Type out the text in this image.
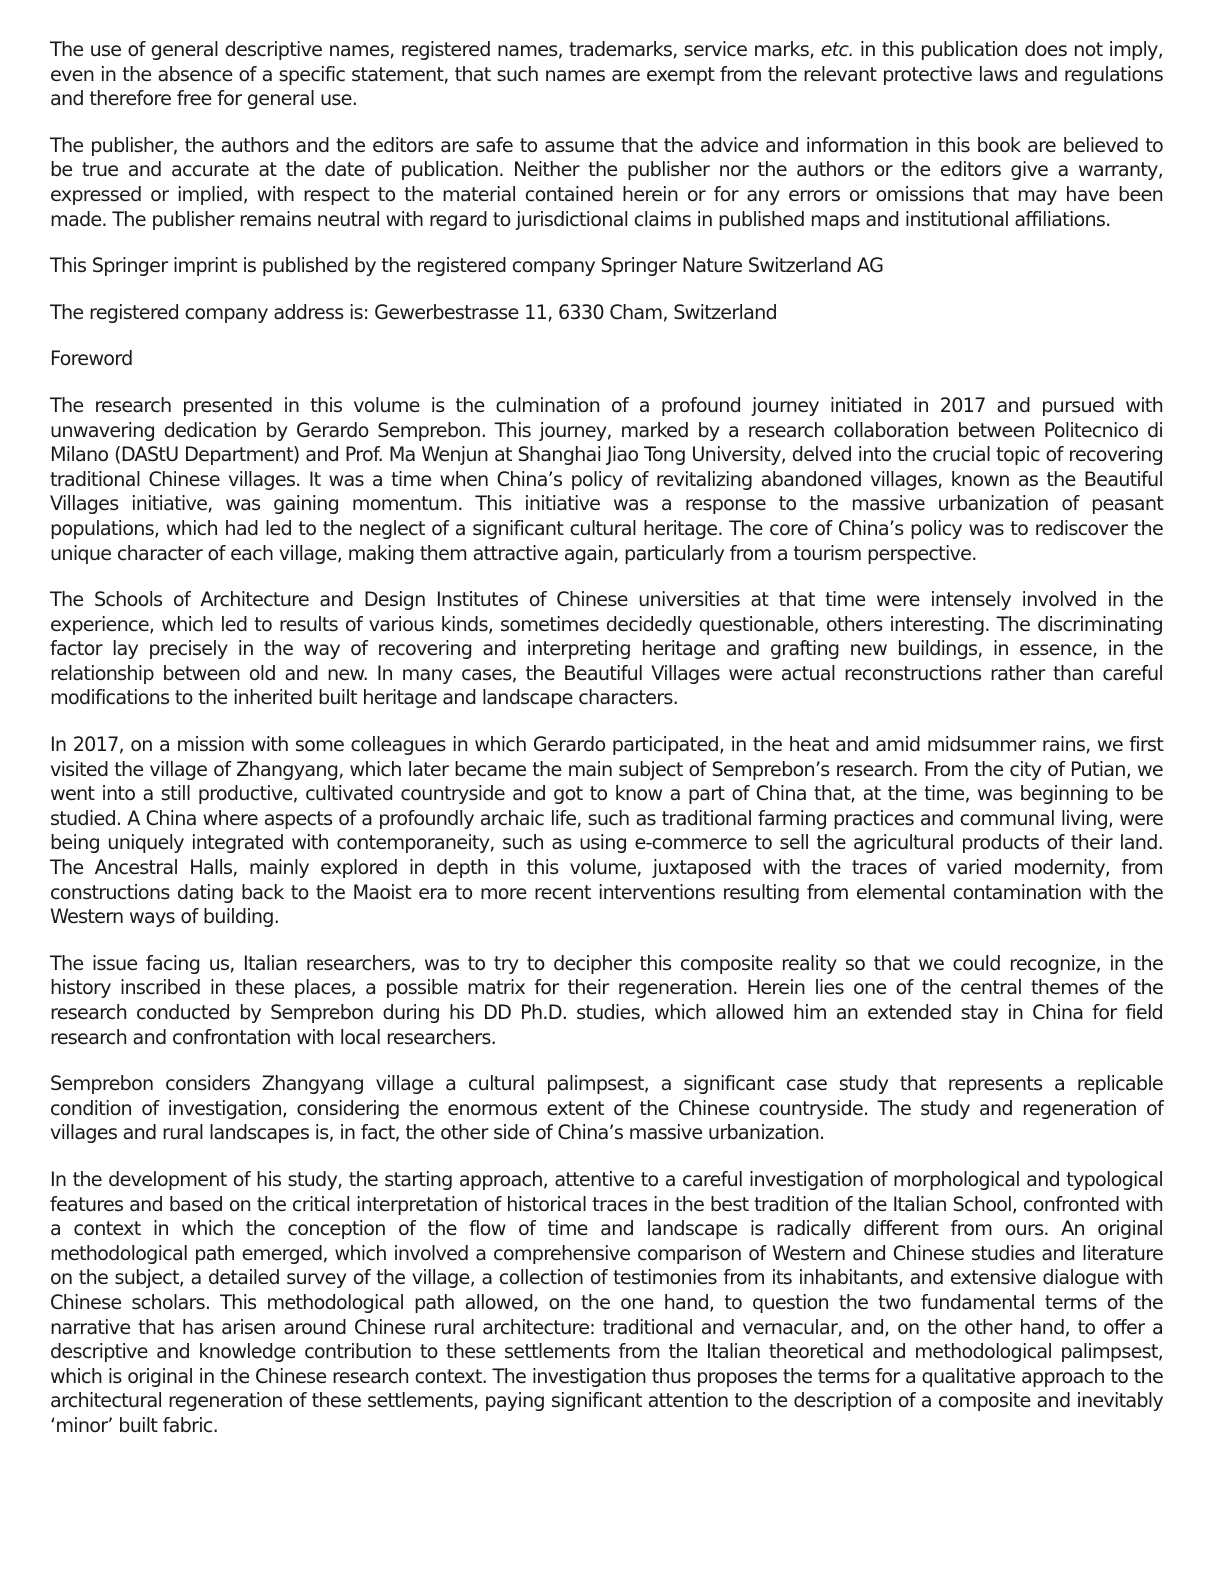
The use of general descriptive names, registered names, trademarks, service marks, etc. in this publication does not imply, even in the absence of a specific statement, that such names are exempt from the relevant protective laws and regulations and therefore free for general use.

The publisher, the authors and the editors are safe to assume that the advice and information in this book are believed to be true and accurate at the date of publication. Neither the publisher nor the authors or the editors give a warranty, expressed or implied, with respect to the material contained herein or for any errors or omissions that may have been made. The publisher remains neutral with regard to jurisdictional claims in published maps and institutional affiliations.

This Springer imprint is published by the registered company Springer Nature Switzerland AG

The registered company address is: Gewerbestrasse 11, 6330 Cham, Switzerland

Foreword

The research presented in this volume is the culmination of a profound journey initiated in 2017 and pursued with unwavering dedication by Gerardo Semprebon. This journey, marked by a research collaboration between Politecnico di Milano (DAStU Department) and Prof. Ma Wenjun at Shanghai Jiao Tong University, delved into the crucial topic of recovering traditional Chinese villages. It was a time when China’s policy of revitalizing abandoned villages, known as the Beautiful Villages initiative, was gaining momentum. This initiative was a response to the massive urbanization of peasant populations, which had led to the neglect of a significant cultural heritage. The core of China’s policy was to rediscover the unique character of each village, making them attractive again, particularly from a tourism perspective.

The Schools of Architecture and Design Institutes of Chinese universities at that time were intensely involved in the experience, which led to results of various kinds, sometimes decidedly questionable, others interesting. The discriminating factor lay precisely in the way of recovering and interpreting heritage and grafting new buildings, in essence, in the relationship between old and new. In many cases, the Beautiful Villages were actual reconstructions rather than careful modifications to the inherited built heritage and landscape characters.

In 2017, on a mission with some colleagues in which Gerardo participated, in the heat and amid midsummer rains, we first visited the village of Zhangyang, which later became the main subject of Semprebon’s research. From the city of Putian, we went into a still productive, cultivated countryside and got to know a part of China that, at the time, was beginning to be studied. A China where aspects of a profoundly archaic life, such as traditional farming practices and communal living, were being uniquely integrated with contemporaneity, such as using e-commerce to sell the agricultural products of their land. The Ancestral Halls, mainly explored in depth in this volume, juxtaposed with the traces of varied modernity, from constructions dating back to the Maoist era to more recent interventions resulting from elemental contamination with the Western ways of building.

The issue facing us, Italian researchers, was to try to decipher this composite reality so that we could recognize, in the history inscribed in these places, a possible matrix for their regeneration. Herein lies one of the central themes of the research conducted by Semprebon during his DD Ph.D. studies, which allowed him an extended stay in China for field research and confrontation with local researchers.

Semprebon considers Zhangyang village a cultural palimpsest, a significant case study that represents a replicable condition of investigation, considering the enormous extent of the Chinese countryside. The study and regeneration of villages and rural landscapes is, in fact, the other side of China’s massive urbanization.

In the development of his study, the starting approach, attentive to a careful investigation of morphological and typological features and based on the critical interpretation of historical traces in the best tradition of the Italian School, confronted with a context in which the conception of the flow of time and landscape is radically different from ours. An original methodological path emerged, which involved a comprehensive comparison of Western and Chinese studies and literature on the subject, a detailed survey of the village, a collection of testimonies from its inhabitants, and extensive dialogue with Chinese scholars. This methodological path allowed, on the one hand, to question the two fundamental terms of the narrative that has arisen around Chinese rural architecture: traditional and vernacular, and, on the other hand, to offer a descriptive and knowledge contribution to these settlements from the Italian theoretical and methodological palimpsest, which is original in the Chinese research context. The investigation thus proposes the terms for a qualitative approach to the architectural regeneration of these settlements, paying significant attention to the description of a composite and inevitably ‘minor’ built fabric.
